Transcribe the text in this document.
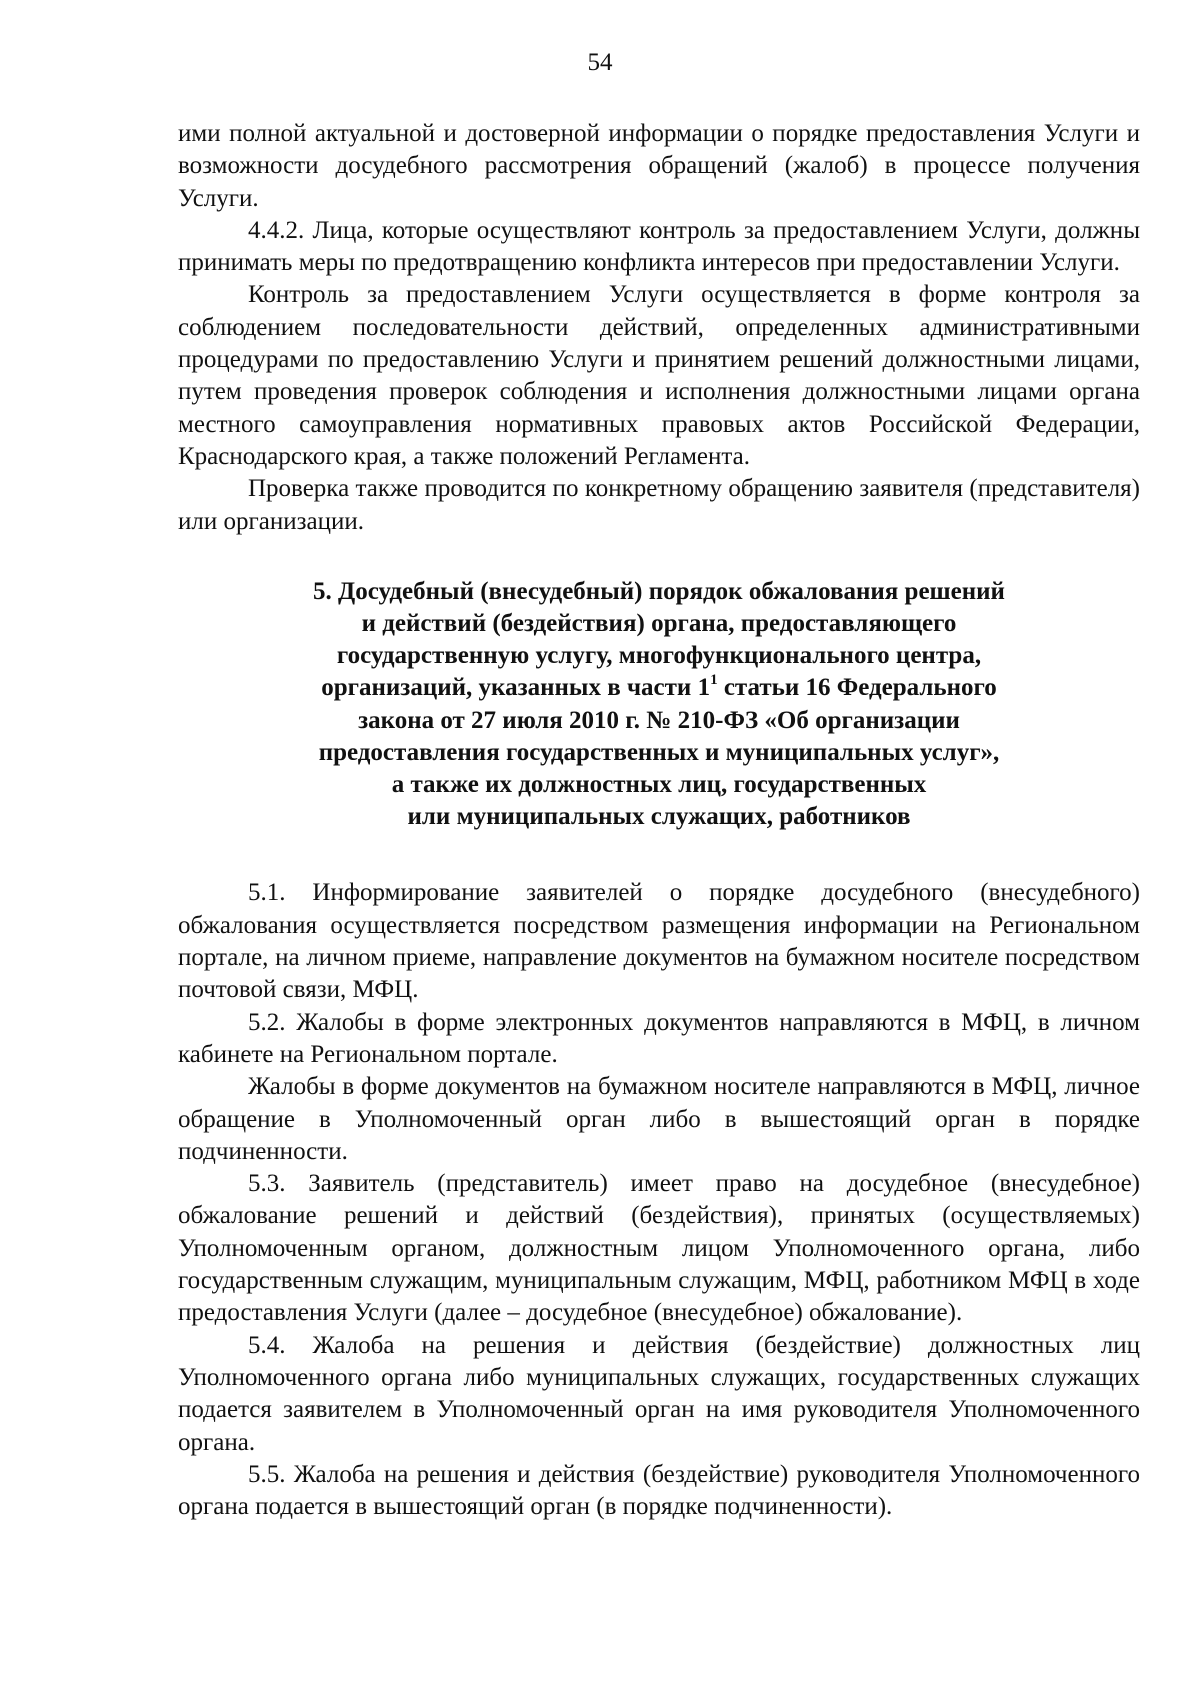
54

ими полной актуальной и достоверной информации о порядке предоставления Услуги и возможности досудебного рассмотрения обращений (жалоб) в процессе получения Услуги.

4.4.2. Лица, которые осуществляют контроль за предоставлением Услуги, должны принимать меры по предотвращению конфликта интересов при предоставлении Услуги.

Контроль за предоставлением Услуги осуществляется в форме контроля за соблюдением последовательности действий, определенных административными процедурами по предоставлению Услуги и принятием решений должностными лицами, путем проведения проверок соблюдения и исполнения должностными лицами органа местного самоуправления нормативных правовых актов Российской Федерации, Краснодарского края, а также положений Регламента.

Проверка также проводится по конкретному обращению заявителя (представителя) или организации.

5. Досудебный (внесудебный) порядок обжалования решений
и действий (бездействия) органа, предоставляющего
государственную услугу, многофункционального центра,
организаций, указанных в части $1^1$ статьи 16 Федерального
закона от 27 июля 2010 г. № 210-ФЗ «Об организации
предоставления государственных и муниципальных услуг»,
а также их должностных лиц, государственных
или муниципальных служащих, работников

5.1. Информирование заявителей о порядке досудебного (внесудебного) обжалования осуществляется посредством размещения информации на Региональном портале, на личном приеме, направление документов на бумажном носителе посредством почтовой связи, МФЦ.

5.2. Жалобы в форме электронных документов направляются в МФЦ, в личном кабинете на Региональном портале.

Жалобы в форме документов на бумажном носителе направляются в МФЦ, личное обращение в Уполномоченный орган либо в вышестоящий орган в порядке подчиненности.

5.3. Заявитель (представитель) имеет право на досудебное (внесудебное) обжалование решений и действий (бездействия), принятых (осуществляемых) Уполномоченным органом, должностным лицом Уполномоченного органа, либо государственным служащим, муниципальным служащим, МФЦ, работником МФЦ в ходе предоставления Услуги (далее – досудебное (внесудебное) обжалование).

5.4. Жалоба на решения и действия (бездействие) должностных лиц Уполномоченного органа либо муниципальных служащих, государственных служащих подается заявителем в Уполномоченный орган на имя руководителя Уполномоченного органа.

5.5. Жалоба на решения и действия (бездействие) руководителя Уполномоченного органа подается в вышестоящий орган (в порядке подчиненности).
